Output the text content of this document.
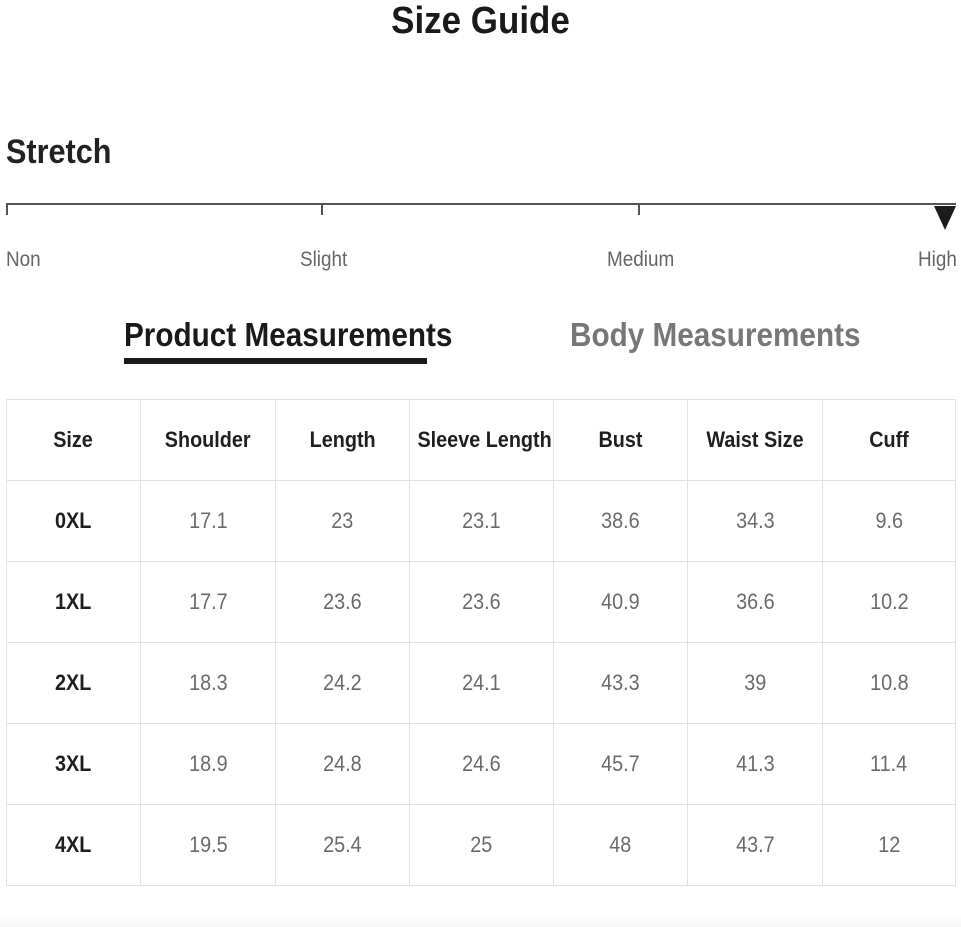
Size Guide
Stretch
Non	Slight	Medium	High
Product Measurements	Body Measurements
Size	Shoulder	Length	Sleeve Length	Bust	Waist Size	Cuff
0XL	17.1	23	23.1	38.6	34.3	9.6
1XL	17.7	23.6	23.6	40.9	36.6	10.2
2XL	18.3	24.2	24.1	43.3	39	10.8
3XL	18.9	24.8	24.6	45.7	41.3	11.4
4XL	19.5	25.4	25	48	43.7	12
